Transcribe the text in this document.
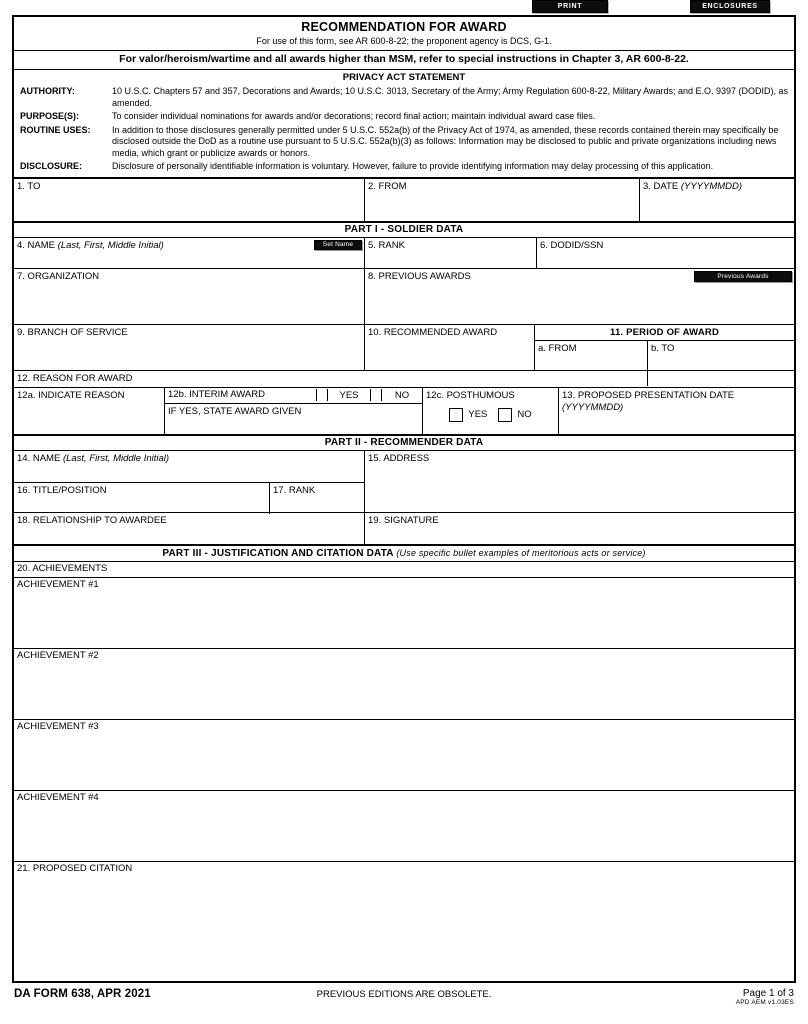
PRINT	ENCLOSURES
RECOMMENDATION FOR AWARD
For use of this form, see AR 600-8-22; the proponent agency is DCS, G-1.
For valor/heroism/wartime and all awards higher than MSM, refer to special instructions in Chapter 3, AR 600-8-22.
PRIVACY ACT STATEMENT
AUTHORITY:	10 U.S.C. Chapters 57 and 357, Decorations and Awards; 10 U.S.C. 3013, Secretary of the Army; Army Regulation 600-8-22, Military Awards; and E.O. 9397 (DODID), as amended.
PURPOSE(S):	To consider individual nominations for awards and/or decorations; record final action; maintain individual award case files.
ROUTINE USES:	In addition to those disclosures generally permitted under 5 U.S.C. 552a(b) of the Privacy Act of 1974, as amended, these records contained therein may specifically be disclosed outside the DoD as a routine use pursuant to 5 U.S.C. 552a(b)(3) as follows: Information may be disclosed to public and private organizations including news media, which grant or publicize awards or honors.
DISCLOSURE:	Disclosure of personally identifiable information is voluntary. However, failure to provide identifying information may delay processing of this application.
1. TO	2. FROM	3. DATE (YYYYMMDD)
PART I - SOLDIER DATA
4. NAME (Last, First, Middle Initial)	Set Name	5. RANK	6. DODID/SSN
7. ORGANIZATION	8. PREVIOUS AWARDS	Previous Awards
9. BRANCH OF SERVICE	10. RECOMMENDED AWARD	11. PERIOD OF AWARD
a. FROM	b. TO
12. REASON FOR AWARD
12a. INDICATE REASON	12b. INTERIM AWARD	YES	NO
IF YES, STATE AWARD GIVEN
12c. POSTHUMOUS
YES	NO
13. PROPOSED PRESENTATION DATE
(YYYYMMDD)
PART II - RECOMMENDER DATA
14. NAME (Last, First, Middle Initial)
16. TITLE/POSITION	17. RANK
15. ADDRESS
18. RELATIONSHIP TO AWARDEE	19. SIGNATURE
PART III - JUSTIFICATION AND CITATION DATA (Use specific bullet examples of meritorious acts or service)
20. ACHIEVEMENTS
ACHIEVEMENT #1
ACHIEVEMENT #2
ACHIEVEMENT #3
ACHIEVEMENT #4
21. PROPOSED CITATION
DA FORM 638, APR 2021	PREVIOUS EDITIONS ARE OBSOLETE.	Page 1 of 3
APD AEM v1.03ES
